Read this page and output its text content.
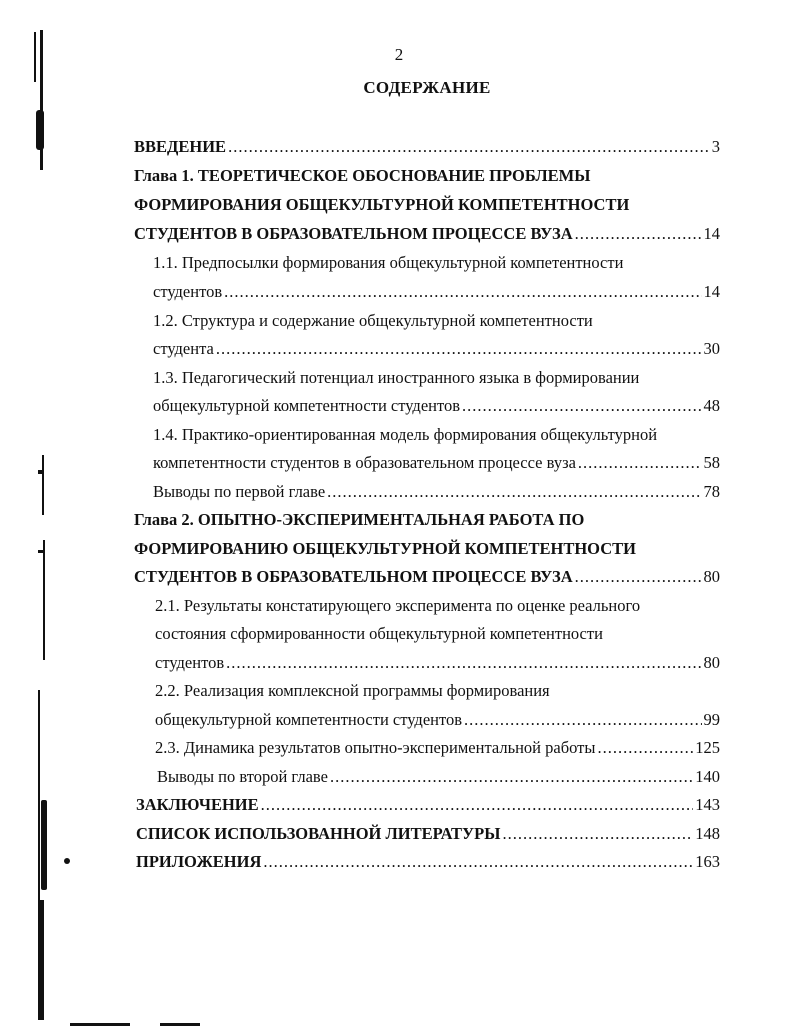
2
СОДЕРЖАНИЕ
ВВЕДЕНИЕ .....	3
Глава 1. ТЕОРЕТИЧЕСКОЕ ОБОСНОВАНИЕ ПРОБЛЕМЫ
ФОРМИРОВАНИЯ ОБЩЕКУЛЬТУРНОЙ КОМПЕТЕНТНОСТИ
СТУДЕНТОВ В ОБРАЗОВАТЕЛЬНОМ ПРОЦЕССЕ ВУЗА .....	14
1.1. Предпосылки формирования общекультурной компетентности
студентов .....	14
1.2. Структура и содержание общекультурной компетентности
студента .....	30
1.3. Педагогический потенциал иностранного языка в формировании
общекультурной компетентности студентов .....	48
1.4. Практико-ориентированная модель формирования общекультурной
компетентности студентов в образовательном процессе вуза .....	58
Выводы по первой главе .....	78
Глава 2. ОПЫТНО-ЭКСПЕРИМЕНТАЛЬНАЯ РАБОТА ПО
ФОРМИРОВАНИЮ ОБЩЕКУЛЬТУРНОЙ КОМПЕТЕНТНОСТИ
СТУДЕНТОВ В ОБРАЗОВАТЕЛЬНОМ ПРОЦЕССЕ ВУЗА .....	80
2.1. Результаты констатирующего эксперимента по оценке реального
состояния сформированности общекультурной компетентности
студентов .....	80
2.2. Реализация комплексной программы формирования
общекультурной компетентности студентов .....	99
2.3. Динамика результатов опытно-экспериментальной работы .....	125
Выводы по второй главе .....	140
ЗАКЛЮЧЕНИЕ .....	143
СПИСОК ИСПОЛЬЗОВАННОЙ ЛИТЕРАТУРЫ .....	148
ПРИЛОЖЕНИЯ .....	163
